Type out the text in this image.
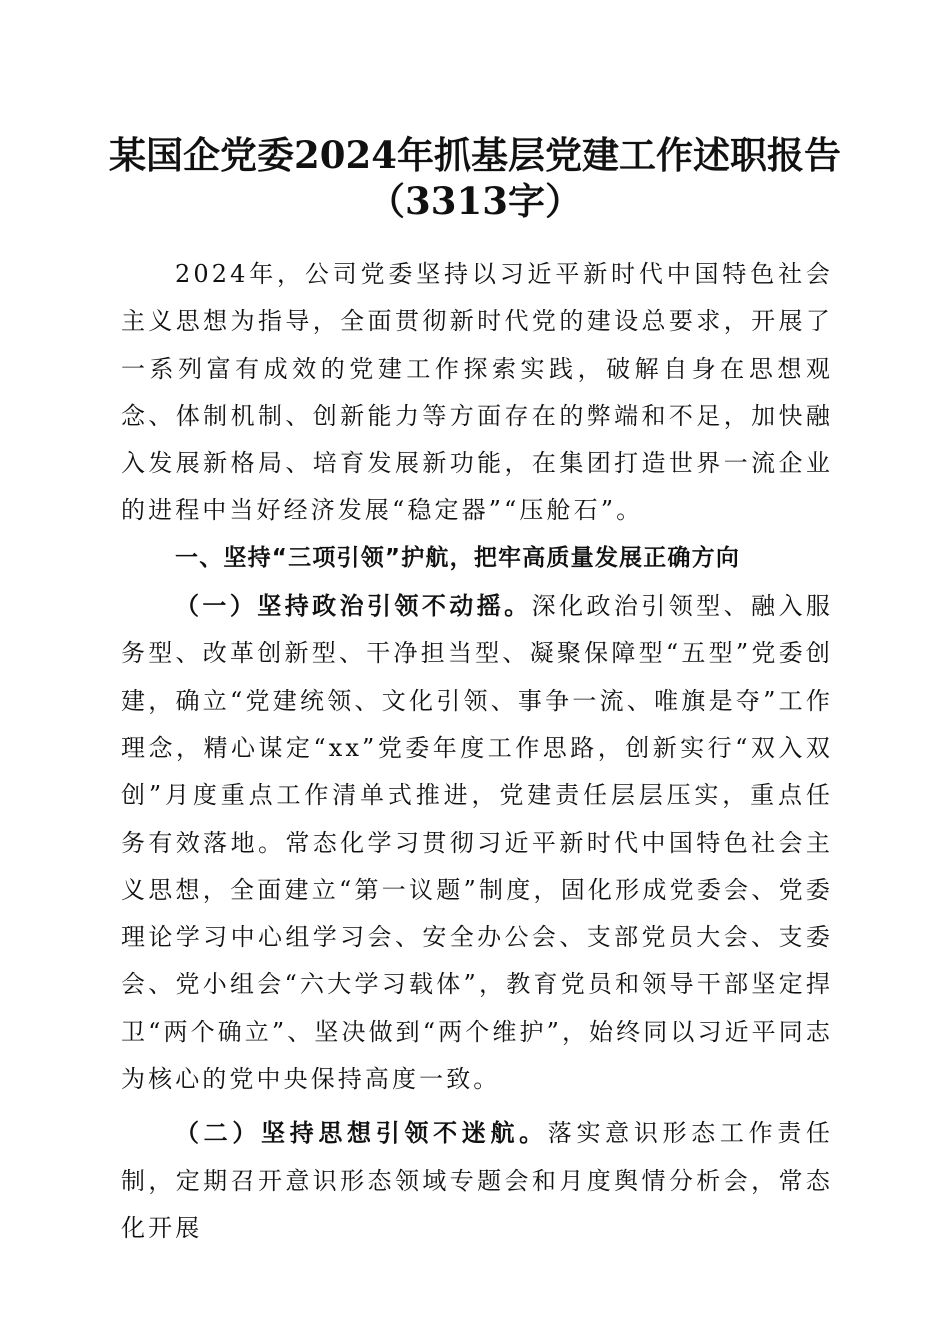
某国企党委2024年抓基层党建工作述职报告
（3313字）

2024年，公司党委坚持以习近平新时代中国特色社会主义思想为指导，全面贯彻新时代党的建设总要求，开展了一系列富有成效的党建工作探索实践，破解自身在思想观念、体制机制、创新能力等方面存在的弊端和不足，加快融入发展新格局、培育发展新功能，在集团打造世界一流企业的进程中当好经济发展“稳定器”“压舱石”。

一、坚持“三项引领”护航，把牢高质量发展正确方向

（一）坚持政治引领不动摇。深化政治引领型、融入服务型、改革创新型、干净担当型、凝聚保障型“五型”党委创建，确立“党建统领、文化引领、事争一流、唯旗是夺”工作理念，精心谋定“xx”党委年度工作思路，创新实行“双入双创”月度重点工作清单式推进，党建责任层层压实，重点任务有效落地。常态化学习贯彻习近平新时代中国特色社会主义思想，全面建立“第一议题”制度，固化形成党委会、党委理论学习中心组学习会、安全办公会、支部党员大会、支委会、党小组会“六大学习载体”，教育党员和领导干部坚定捍卫“两个确立”、坚决做到“两个维护”，始终同以习近平同志为核心的党中央保持高度一致。

（二）坚持思想引领不迷航。落实意识形态工作责任制，定期召开意识形态领域专题会和月度舆情分析会，常态化开展
